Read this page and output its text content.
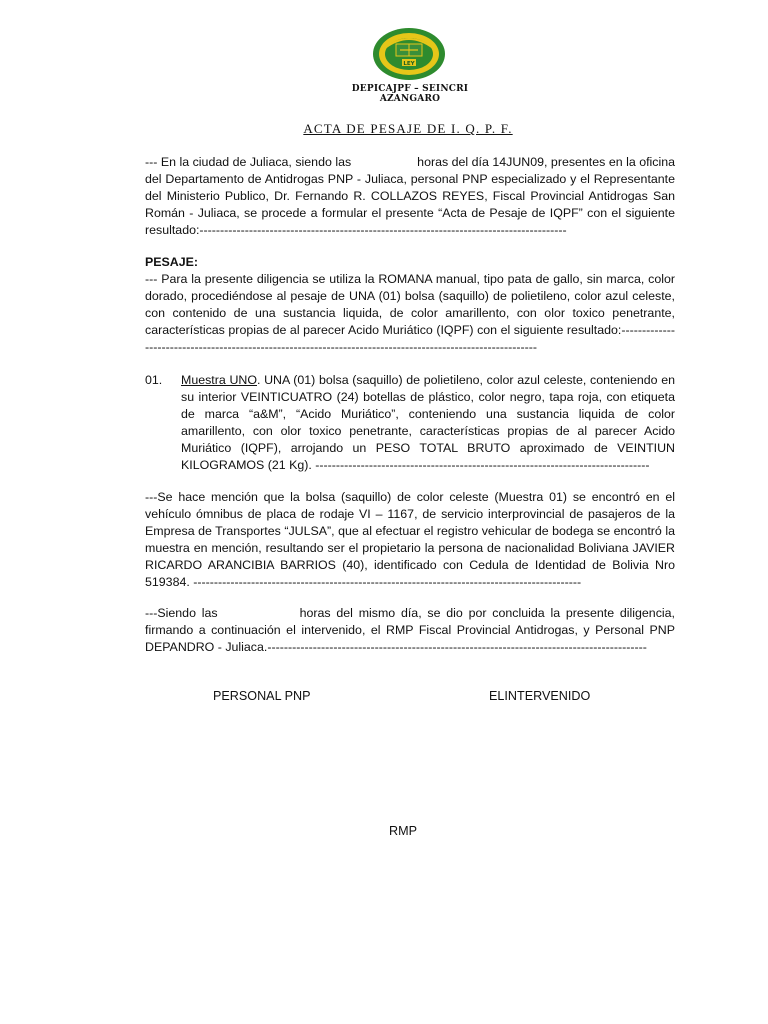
LEY

DEPICAJPF – SEINCRI

AZANGARO

ACTA DE PESAJE DE I. Q. P. F.

--- En la ciudad de Juliaca, siendo las	horas del día 14JUN09, presentes en la oficina del Departamento de Antidrogas PNP - Juliaca, personal PNP especializado y el Representante del Ministerio Publico, Dr. Fernando R. COLLAZOS REYES, Fiscal Provincial Antidrogas San Román - Juliaca, se procede a formular el presente “Acta de Pesaje de IQPF” con el siguiente resultado:-----------------------------------------------------------------------------------------

PESAJE:

--- Para la presente diligencia se utiliza la ROMANA manual, tipo pata de gallo, sin marca, color dorado, procediéndose al pesaje de UNA (01) bolsa (saquillo) de polietileno, color azul celeste, con contenido de una sustancia liquida, de color amarillento, con olor toxico penetrante, características propias de al parecer Acido Muriático (IQPF) con el siguiente resultado:------------------------------------------------------------------------------------------------------------

01. Muestra UNO. UNA (01) bolsa (saquillo) de polietileno, color azul celeste, conteniendo en su interior VEINTICUATRO (24) botellas de plástico, color negro, tapa roja, con etiqueta de marca “a&M”, “Acido Muriático”, conteniendo una sustancia liquida de color amarillento, con olor toxico penetrante, características propias de al parecer Acido Muriático (IQPF), arrojando un PESO TOTAL BRUTO aproximado de VEINTIUN KILOGRAMOS (21 Kg). ---------------------------------------------------------------------------------

---Se hace mención que la bolsa (saquillo) de color celeste (Muestra 01) se encontró en el vehículo ómnibus de placa de rodaje VI – 1167, de servicio interprovincial de pasajeros de la Empresa de Transportes “JULSA”, que al efectuar el registro vehicular de bodega se encontró la muestra en mención, resultando ser el propietario la persona de nacionalidad Boliviana JAVIER RICARDO ARANCIBIA BARRIOS (40), identificado con Cedula de Identidad de Bolivia Nro 519384. ----------------------------------------------------------------------------------------------

---Siendo las	horas del mismo día, se dio por concluida la presente diligencia, firmando a continuación el intervenido, el RMP Fiscal Provincial Antidrogas, y Personal PNP DEPANDRO - Juliaca.--------------------------------------------------------------------------------------------

PERSONAL PNP	ELINTERVENIDO

RMP
